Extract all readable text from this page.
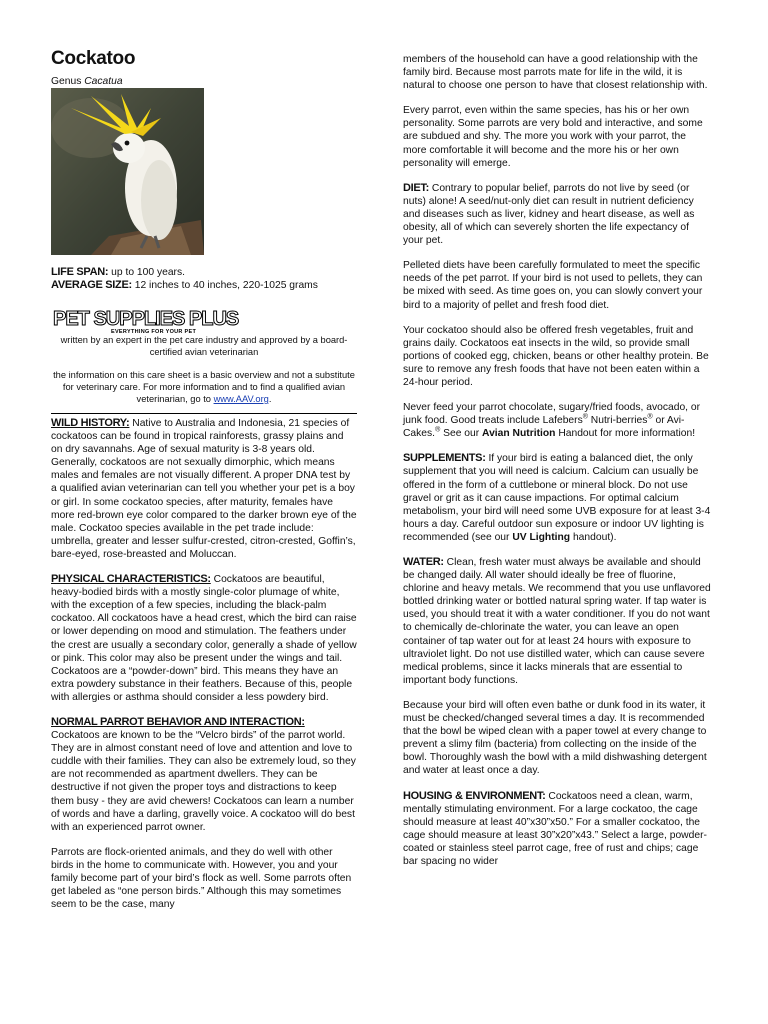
Cockatoo
Genus Cacatua
LIFE SPAN: up to 100 years.
AVERAGE SIZE: 12 inches to 40 inches, 220-1025 grams
PET SUPPLIES PLUS
EVERYTHING FOR YOUR PET
written by an expert in the pet care industry and approved by a board-certified avian veterinarian
the information on this care sheet is a basic overview and not a substitute for veterinary care. For more information and to find a qualified avian veterinarian, go to www.AAV.org.

WILD HISTORY: Native to Australia and Indonesia, 21 species of cockatoos can be found in tropical rainforests, grassy plains and on dry savannahs. Age of sexual maturity is 3-8 years old. Generally, cockatoos are not sexually dimorphic, which means males and females are not visually different. A proper DNA test by a qualified avian veterinarian can tell you whether your pet is a boy or girl. In some cockatoo species, after maturity, females have more red-brown eye color compared to the darker brown eye of the male. Cockatoo species available in the pet trade include: umbrella, greater and lesser sulfur-crested, citron-crested, Goffin’s, bare-eyed, rose-breasted and Moluccan.

PHYSICAL CHARACTERISTICS: Cockatoos are beautiful, heavy-bodied birds with a mostly single-color plumage of white, with the exception of a few species, including the black-palm cockatoo. All cockatoos have a head crest, which the bird can raise or lower depending on mood and stimulation. The feathers under the crest are usually a secondary color, generally a shade of yellow or pink. This color may also be present under the wings and tail. Cockatoos are a “powder-down” bird. This means they have an extra powdery substance in their feathers. Because of this, people with allergies or asthma should consider a less powdery bird.

NORMAL PARROT BEHAVIOR AND INTERACTION:

Cockatoos are known to be the “Velcro birds” of the parrot world. They are in almost constant need of love and attention and love to cuddle with their families. They can also be extremely loud, so they are not recommended as apartment dwellers. They can be destructive if not given the proper toys and distractions to keep them busy - they are avid chewers! Cockatoos can learn a number of words and have a darling, gravelly voice. A cockatoo will do best with an experienced parrot owner.

Parrots are flock-oriented animals, and they do well with other birds in the home to communicate with. However, you and your family become part of your bird’s flock as well. Some parrots often get labeled as “one person birds.” Although this may sometimes seem to be the case, many

members of the household can have a good relationship with the family bird. Because most parrots mate for life in the wild, it is natural to choose one person to have that closest relationship with.

Every parrot, even within the same species, has his or her own personality. Some parrots are very bold and interactive, and some are subdued and shy. The more you work with your parrot, the more comfortable it will become and the more his or her own personality will emerge.

DIET: Contrary to popular belief, parrots do not live by seed (or nuts) alone! A seed/nut-only diet can result in nutrient deficiency and diseases such as liver, kidney and heart disease, as well as obesity, all of which can severely shorten the life expectancy of your pet.

Pelleted diets have been carefully formulated to meet the specific needs of the pet parrot. If your bird is not used to pellets, they can be mixed with seed. As time goes on, you can slowly convert your bird to a majority of pellet and fresh food diet.

Your cockatoo should also be offered fresh vegetables, fruit and grains daily. Cockatoos eat insects in the wild, so provide small portions of cooked egg, chicken, beans or other healthy protein. Be sure to remove any fresh foods that have not been eaten within a 24-hour period.

Never feed your parrot chocolate, sugary/fried foods, avocado, or junk food. Good treats include Lafebers® Nutri-berries® or Avi-Cakes.® See our Avian Nutrition Handout for more information!

SUPPLEMENTS: If your bird is eating a balanced diet, the only supplement that you will need is calcium. Calcium can usually be offered in the form of a cuttlebone or mineral block. Do not use gravel or grit as it can cause impactions. For optimal calcium metabolism, your bird will need some UVB exposure for at least 3-4 hours a day. Careful outdoor sun exposure or indoor UV lighting is recommended (see our UV Lighting handout).

WATER: Clean, fresh water must always be available and should be changed daily. All water should ideally be free of fluorine, chlorine and heavy metals. We recommend that you use unflavored bottled drinking water or bottled natural spring water. If tap water is used, you should treat it with a water conditioner. If you do not want to chemically de-chlorinate the water, you can leave an open container of tap water out for at least 24 hours with exposure to ultraviolet light. Do not use distilled water, which can cause severe medical problems, since it lacks minerals that are essential to important body functions.

Because your bird will often even bathe or dunk food in its water, it must be checked/changed several times a day. It is recommended that the bowl be wiped clean with a paper towel at every change to prevent a slimy film (bacteria) from collecting on the inside of the bowl. Thoroughly wash the bowl with a mild dishwashing detergent and water at least once a day.

HOUSING & ENVIRONMENT: Cockatoos need a clean, warm, mentally stimulating environment. For a large cockatoo, the cage should measure at least 40”x30”x50.” For a smaller cockatoo, the cage should measure at least 30”x20”x43.” Select a large, powder-coated or stainless steel parrot cage, free of rust and chips; cage bar spacing no wider
